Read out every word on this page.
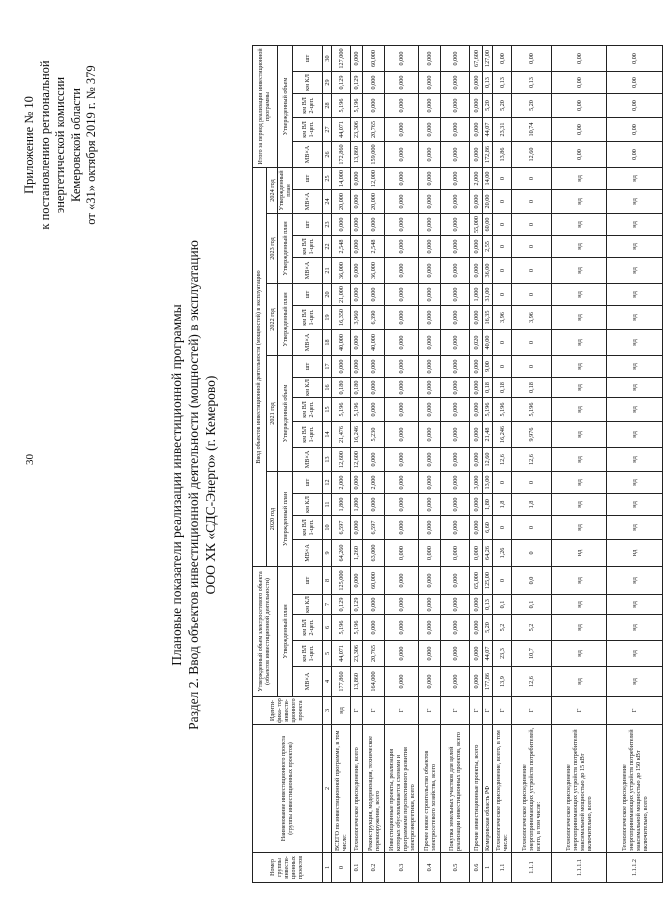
30
Приложение № 10 к постановлению региональной энергетической комиссии Кемеровской области от «31» октября 2019 г. № 379
Плановые показатели реализации инвестиционной программы Раздел 2. Ввод объектов инвестиционной деятельности (мощностей) в эксплуатацию ООО ХК «СДС-Энерго» (г. Кемерово)
Номер группы инвести- ционных проектов	Наименование инвестиционного проекта (группы инвестиционных проектов)	Иденти- фика- тор инвести- ционного проекта	Утвержденный объем электросетевого объекта (объектов инвестиционной деятельности)					Ввод объектов инвестиционной деятельности (мощностей) в эксплуатацию																	Итого за период реализации инвестиционной программы				
								2020 год				2021 год					2022 год			2023 год			2024 год						
			Утвержденный план					Утвержденный план				Утвержденный объем					Утвержденный план			Утвержденный план			Утвержденный план		Утвержденный объем				
			МВ×А	км ВЛ 1-цеп.	км ВЛ 2-цеп.	км КЛ	шт	МВ×А	км ВЛ 1-цеп.	км КЛ	шт	МВ×А	км ВЛ 1-цеп.	км ВЛ 2-цеп.	км КЛ	шт	МВ×А	км ВЛ 1-цеп.	шт	МВ×А	км ВЛ 1-цеп.	шт	МВ×А	шт	МВ×А	км ВЛ 1-цеп.	км ВЛ 2-цеп.	км КЛ	шт
1	2	3	4	5	6	7	8	9	10	11	12	13	14	15	16	17	18	19	20	21	22	23	24	25	26	27	28	29	30
0	ВСЕГО по инвестиционной программе, в том числе:	нд	177,860	44,071	5,196	0,129	125,000	64,260	6,597	1,800	2,000	12,600	21,476	5,196	0,180	0,000	40,000	16,350	21,000	36,000	2,548	0,000	20,000	14,000	172,860	44,071	5,196	0,129	127,000
0.1	Технологическое присоединение, всего	Г	13,860	23,306	5,196	0,129	0,000	1,260	0,000	1,800	0,000	12,600	16,246	5,196	0,180	0,000	0,000	3,960	0,000	0,000	0,000	0,000	0,000	0,000	13,860	23,306	5,196	0,129	0,000
0.2	Реконструкция, модернизация, техническое перевооружение, всего	Г	164,000	20,765	0,000	0,000	60,000	63,000	6,597	0,000	2,000	0,000	5,230	0,000	0,000	0,000	40,000	6,390	0,000	36,000	2,548	0,000	20,000	12,000	159,000	20,765	0,000	0,000	60,000
0.3	Инвестиционные проекты, реализация которых обусловливается схемами и программами перспективного развития электроэнергетики, всего	Г	0,000	0,000	0,000	0,000	0,000	0,000	0,000	0,000	0,000	0,000	0,000	0,000	0,000	0,000	0,000	0,000	0,000	0,000	0,000	0,000	0,000	0,000	0,000	0,000	0,000	0,000	0,000
0.4	Прочее новое строительство объектов электросетевого хозяйства, всего	Г	0,000	0,000	0,000	0,000	0,000	0,000	0,000	0,000	0,000	0,000	0,000	0,000	0,000	0,000	0,000	0,000	0,000	0,000	0,000	0,000	0,000	0,000	0,000	0,000	0,000	0,000	0,000
0.5	Покупка земельных участков для целей реализации инвестиционных проектов, всего	Г	0,000	0,000	0,000	0,000	0,000	0,000	0,000	0,000	0,000	0,000	0,000	0,000	0,000	0,000	0,000	0,000	0,000	0,000	0,000	0,000	0,000	0,000	0,000	0,000	0,000	0,000	0,000
0.6	Прочие инвестиционные проекты, всего	Г	0,000	0,000	0,000	0,000	65,000	0,000	0,000	0,000	3,000	0,000	0,000	0,000	0,000	0,000	0,020	0,000	1,000	0,000	0,000	55,000	0,000	2,000	0,000	0,000	0,000	0,000	67,600
1	Кемеровская область РФ	Г	177,86	44,07	5,20	0,13	125,00	64,26	6,60	1,80	13,00	12,60	21,48	5,196	0,18	9,00	40,00	16,35	31,00	36,00	2,55	60,00	20,00	14,00	172,86	44,07	5,20	0,13	127,00
1.1	Технологическое присоединение, всего, в том числе:	Г	13,9	23,3	5,2	0,1	0	1,26	0	1,8	0	12,6	16,246	5,196	0,18	0	0	3,96	0	0	0	0	0	0	13,86	23,31	5,20	0,13	0,00
1.1.1	Технологическое присоединение энергопринимающих устройств потребителей, всего, в том числе:	Г	12,6	10,7	5,2	0,1	0,0	0	0	1,8	0	12,6	9,976	5,196	0,18	0	0	3,96	0	0	0	0	0	0	12,60	10,74	5,20	0,13	0,00
1.1.1.1	Технологическое присоединение энергопринимающих устройств потребителей максимальной мощностью до 15 кВт включительно, всего	Г	нд	нд	нд	нд	нд	нд	нд	нд	нд	нд	нд	нд	нд	нд	нд	нд	нд	нд	нд	нд	нд	нд	0,00	0,00	0,00	0,00	0,00
1.1.1.2	Технологическое присоединение энергопринимающих устройств потребителей максимальной мощностью до 150 кВт включительно, всего	Г	нд	нд	нд	нд	нд	нд	нд	нд	нд	нд	нд	нд	нд	нд	нд	нд	нд	нд	нд	нд	нд	нд	0,00	0,00	0,00	0,00	0,00
